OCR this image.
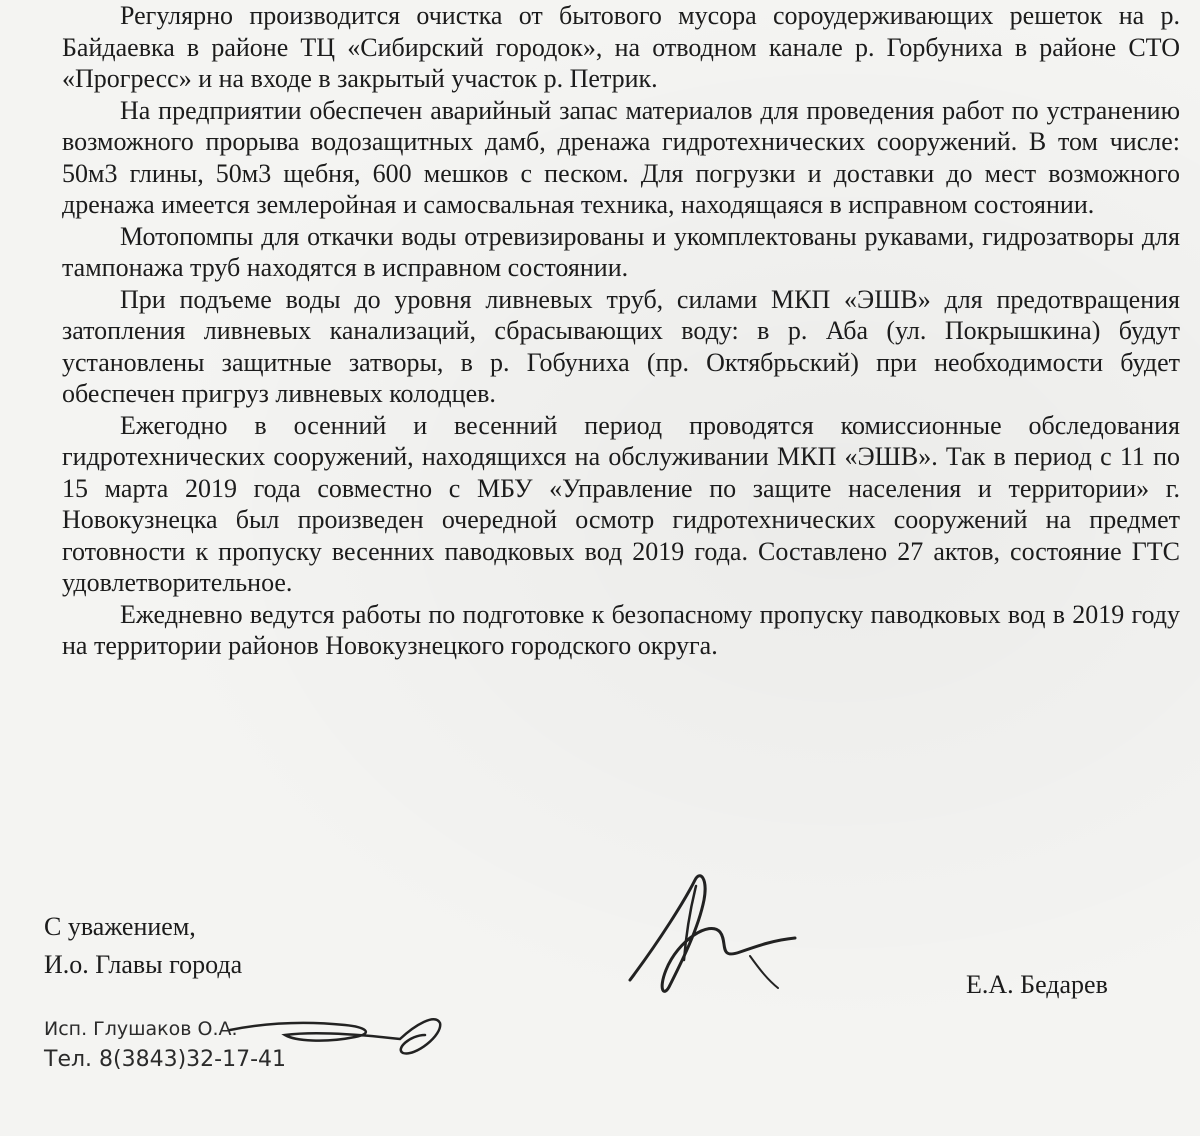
Регулярно производится очистка от бытового мусора сороудерживающих решеток на р. Байдаевка в районе ТЦ «Сибирский городок», на отводном канале р. Горбуниха в районе СТО «Прогресс» и на входе в закрытый участок р. Петрик.

На предприятии обеспечен аварийный запас материалов для проведения работ по устранению возможного прорыва водозащитных дамб, дренажа гидротехнических сооружений. В том числе: 50м3 глины, 50м3 щебня, 600 мешков с песком. Для погрузки и доставки до мест возможного дренажа имеется землеройная и самосвальная техника, находящаяся в исправном состоянии.

Мотопомпы для откачки воды отревизированы и укомплектованы рукавами, гидрозатворы для тампонажа труб находятся в исправном состоянии.

При подъеме воды до уровня ливневых труб, силами МКП «ЭШВ» для предотвращения затопления ливневых канализаций, сбрасывающих воду: в р. Аба (ул. Покрышкина) будут установлены защитные затворы, в р. Гобуниха (пр. Октябрьский) при необходимости будет обеспечен пригруз ливневых колодцев.

Ежегодно в осенний и весенний период проводятся комиссионные обследования гидротехнических сооружений, находящихся на обслуживании МКП «ЭШВ». Так в период с 11 по 15 марта 2019 года совместно с МБУ «Управление по защите населения и территории» г. Новокузнецка был произведен очередной осмотр гидротехнических сооружений на предмет готовности к пропуску весенних паводковых вод 2019 года. Составлено 27 актов, состояние ГТС удовлетворительное.

Ежедневно ведутся работы по подготовке к безопасному пропуску паводковых вод в 2019 году на территории районов Новокузнецкого городского округа.

С уважением,
И.о. Главы города
Е.А. Бедарев
Исп. Глушаков О.А.
Тел. 8(3843)32-17-41
